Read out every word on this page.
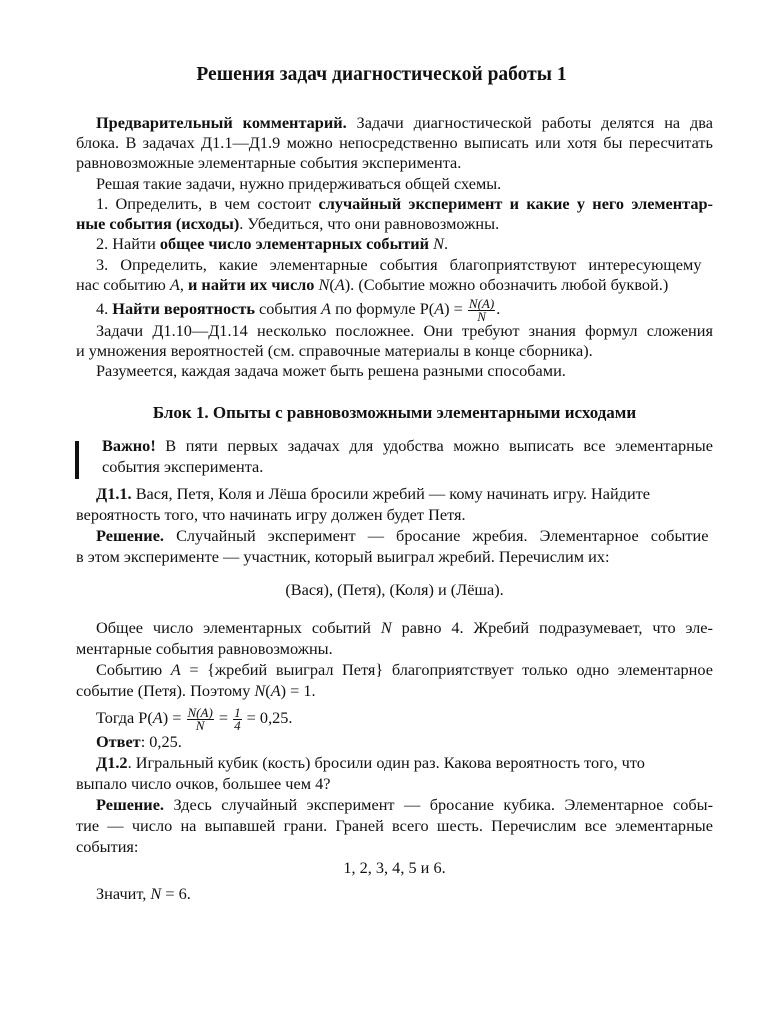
Решения задач диагностической работы 1
Предварительный комментарий. Задачи диагностической работы делятся на два
блока. В задачах Д1.1—Д1.9 можно непосредственно выписать или хотя бы пересчитать
равновозможные элементарные события эксперимента.
Решая такие задачи, нужно придерживаться общей схемы.
1. Определить, в чем состоит случайный эксперимент и какие у него элементар-
ные события (исходы). Убедиться, что они равновозможны.
2. Найти общее число элементарных событий N.
3. Определить, какие элементарные события благоприятствуют интересующему
нас событию A, и найти их число N(A). (Событие можно обозначить любой буквой.)
4. Найти вероятность события A по формуле $P(A) = \frac{N(A)}{N}$ .
Задачи Д1.10—Д1.14 несколько посложнее. Они требуют знания формул сложения
и умножения вероятностей (см. справочные материалы в конце сборника).
Разумеется, каждая задача может быть решена разными способами.
Блок 1. Опыты с равновозможными элементарными исходами
Важно! В пяти первых задачах для удобства можно выписать все элементарные
события эксперимента.
Д1.1. Вася, Петя, Коля и Лёша бросили жребий — кому начинать игру. Найдите
вероятность того, что начинать игру должен будет Петя.
Решение. Случайный эксперимент — бросание жребия. Элементарное событие
в этом эксперименте — участник, который выиграл жребий. Перечислим их:
(Вася), (Петя), (Коля) и (Лёша).
Общее число элементарных событий N равно 4. Жребий подразумевает, что эле-
ментарные события равновозможны.
Событию A = {жребий выиграл Петя} благоприятствует только одно элементарное
событие (Петя). Поэтому N(A) = 1.
Тогда $P(A) = \frac{N(A)}{N} = \frac{1}{4} = 0,25$.
Ответ: 0,25.
Д1.2. Игральный кубик (кость) бросили один раз. Какова вероятность того, что
выпало число очков, большее чем 4?
Решение. Здесь случайный эксперимент — бросание кубика. Элементарное собы-
тие — число на выпавшей грани. Граней всего шесть. Перечислим все элементарные
события:
1, 2, 3, 4, 5 и 6.
Значит, N = 6.
